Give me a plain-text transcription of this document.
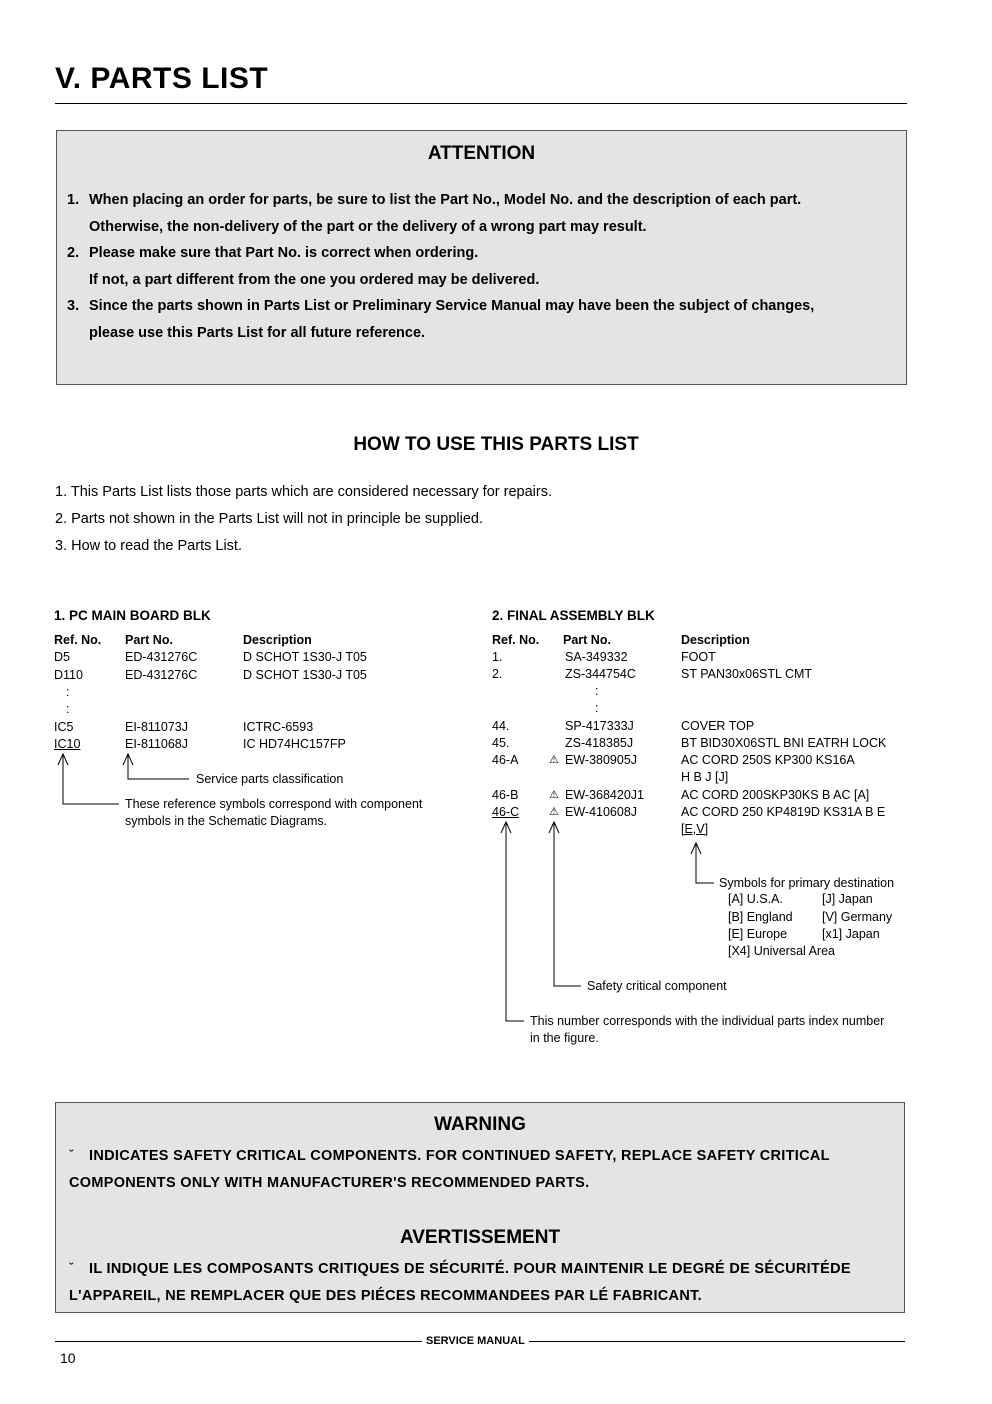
V. PARTS LIST
ATTENTION
1. When placing an order for parts, be sure to list the Part No., Model No. and the description of each part.
Otherwise, the non-delivery of the part or the delivery of a wrong part may result.
2. Please make sure that Part No. is correct when ordering.
If not, a part different from the one you ordered may be delivered.
3. Since the parts shown in Parts List or Preliminary Service Manual may have been the subject of changes,
please use this Parts List for all future reference.
HOW TO USE THIS PARTS LIST
1. This Parts List lists those parts which are considered necessary for repairs.
2. Parts not shown in the Parts List will not in principle be supplied.
3. How to read the Parts List.
1. PC MAIN BOARD BLK
Ref. No. Part No.	Description
D5	ED-431276C	D SCHOT 1S30-J T05
D110	ED-431276C	D SCHOT 1S30-J T05
:
:
IC5	EI-811073J	ICTRC-6593
IC10	EI-811068J	IC HD74HC157FP
Service parts classification
These reference symbols correspond with component
symbols in the Schematic Diagrams.
2. FINAL ASSEMBLY BLK
Ref. No. Part No.	Description
1.	SA-349332	FOOT
2.	ZS-344754C	ST PAN30x06STL CMT
:
:
44.	SP-417333J	COVER TOP
45.	ZS-418385J	BT BID30X06STL BNI EATRH LOCK
46-A	⚠ EW-380905J	AC CORD 250S KP300 KS16A
H B J [J]
46-B	⚠ EW-368420J1	AC CORD 200SKP30KS B AC [A]
46-C	⚠ EW-410608J	AC CORD 250 KP4819D KS31A B E
[E,V]
Symbols for primary destination
[A] U.S.A.	[J] Japan
[B] England [V] Germany
[E] Europe	[x1] Japan
[X4] Universal Area
Safety critical component
This number corresponds with the individual parts index number
in the figure.
WARNING
ˇ INDICATES SAFETY CRITICAL COMPONENTS. FOR CONTINUED SAFETY, REPLACE SAFETY CRITICAL
COMPONENTS ONLY WITH MANUFACTURER'S RECOMMENDED PARTS.
AVERTISSEMENT
ˇ IL INDIQUE LES COMPOSANTS CRITIQUES DE SÉCURITÉ. POUR MAINTENIR LE DEGRÉ DE SÉCURITÉDE
L'APPAREIL, NE REMPLACER QUE DES PIÉCES RECOMMANDEES PAR LÉ FABRICANT.
SERVICE MANUAL
10
